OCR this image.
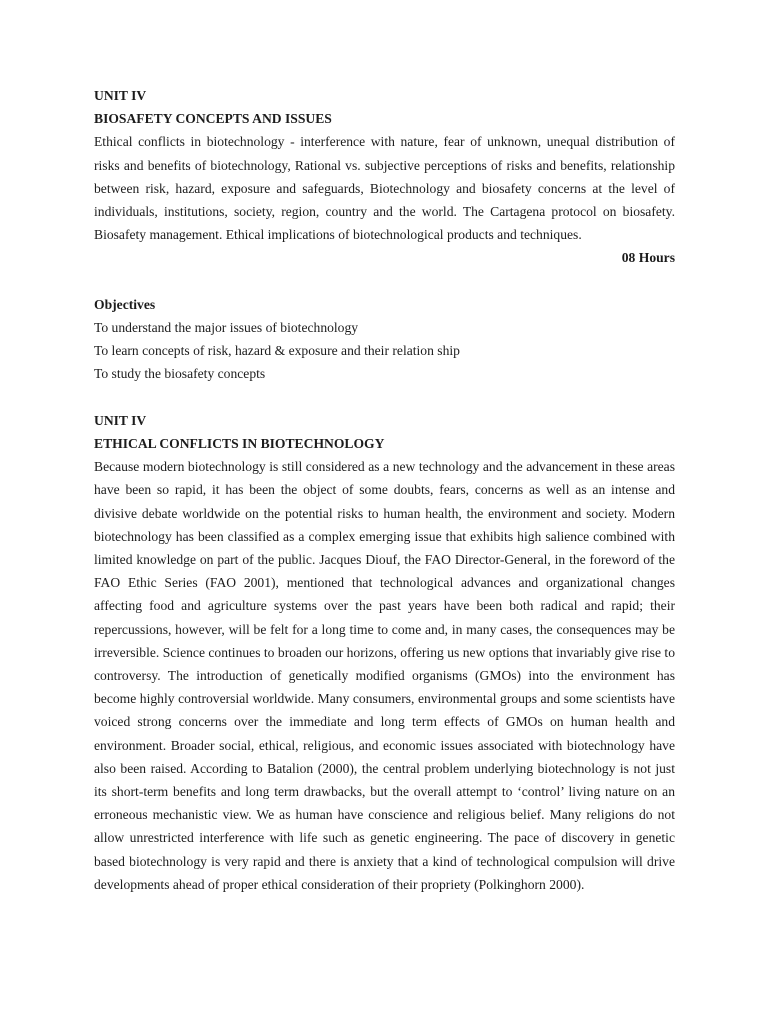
UNIT IV

BIOSAFETY CONCEPTS AND ISSUES

Ethical conflicts in biotechnology - interference with nature, fear of unknown, unequal distribution of risks and benefits of biotechnology, Rational vs. subjective perceptions of risks and benefits, relationship between risk, hazard, exposure and safeguards, Biotechnology and biosafety concerns at the level of individuals, institutions, society, region, country and the world. The Cartagena protocol on biosafety. Biosafety management. Ethical implications of biotechnological products and techniques.

08 Hours

Objectives

To understand the major issues of biotechnology
To learn concepts of risk, hazard & exposure and their relation ship
To study the biosafety concepts

UNIT IV

ETHICAL CONFLICTS IN BIOTECHNOLOGY

Because modern biotechnology is still considered as a new technology and the advancement in these areas have been so rapid, it has been the object of some doubts, fears, concerns as well as an intense and divisive debate worldwide on the potential risks to human health, the environment and society. Modern biotechnology has been classified as a complex emerging issue that exhibits high salience combined with limited knowledge on part of the public. Jacques Diouf, the FAO Director-General, in the foreword of the FAO Ethic Series (FAO 2001), mentioned that technological advances and organizational changes affecting food and agriculture systems over the past years have been both radical and rapid; their repercussions, however, will be felt for a long time to come and, in many cases, the consequences may be irreversible. Science continues to broaden our horizons, offering us new options that invariably give rise to controversy. The introduction of genetically modified organisms (GMOs) into the environment has become highly controversial worldwide. Many consumers, environmental groups and some scientists have voiced strong concerns over the immediate and long term effects of GMOs on human health and environment. Broader social, ethical, religious, and economic issues associated with biotechnology have also been raised. According to Batalion (2000), the central problem underlying biotechnology is not just its short-term benefits and long term drawbacks, but the overall attempt to ‘control’ living nature on an erroneous mechanistic view. We as human have conscience and religious belief. Many religions do not allow unrestricted interference with life such as genetic engineering. The pace of discovery in genetic based biotechnology is very rapid and there is anxiety that a kind of technological compulsion will drive developments ahead of proper ethical consideration of their propriety (Polkinghorn 2000).
